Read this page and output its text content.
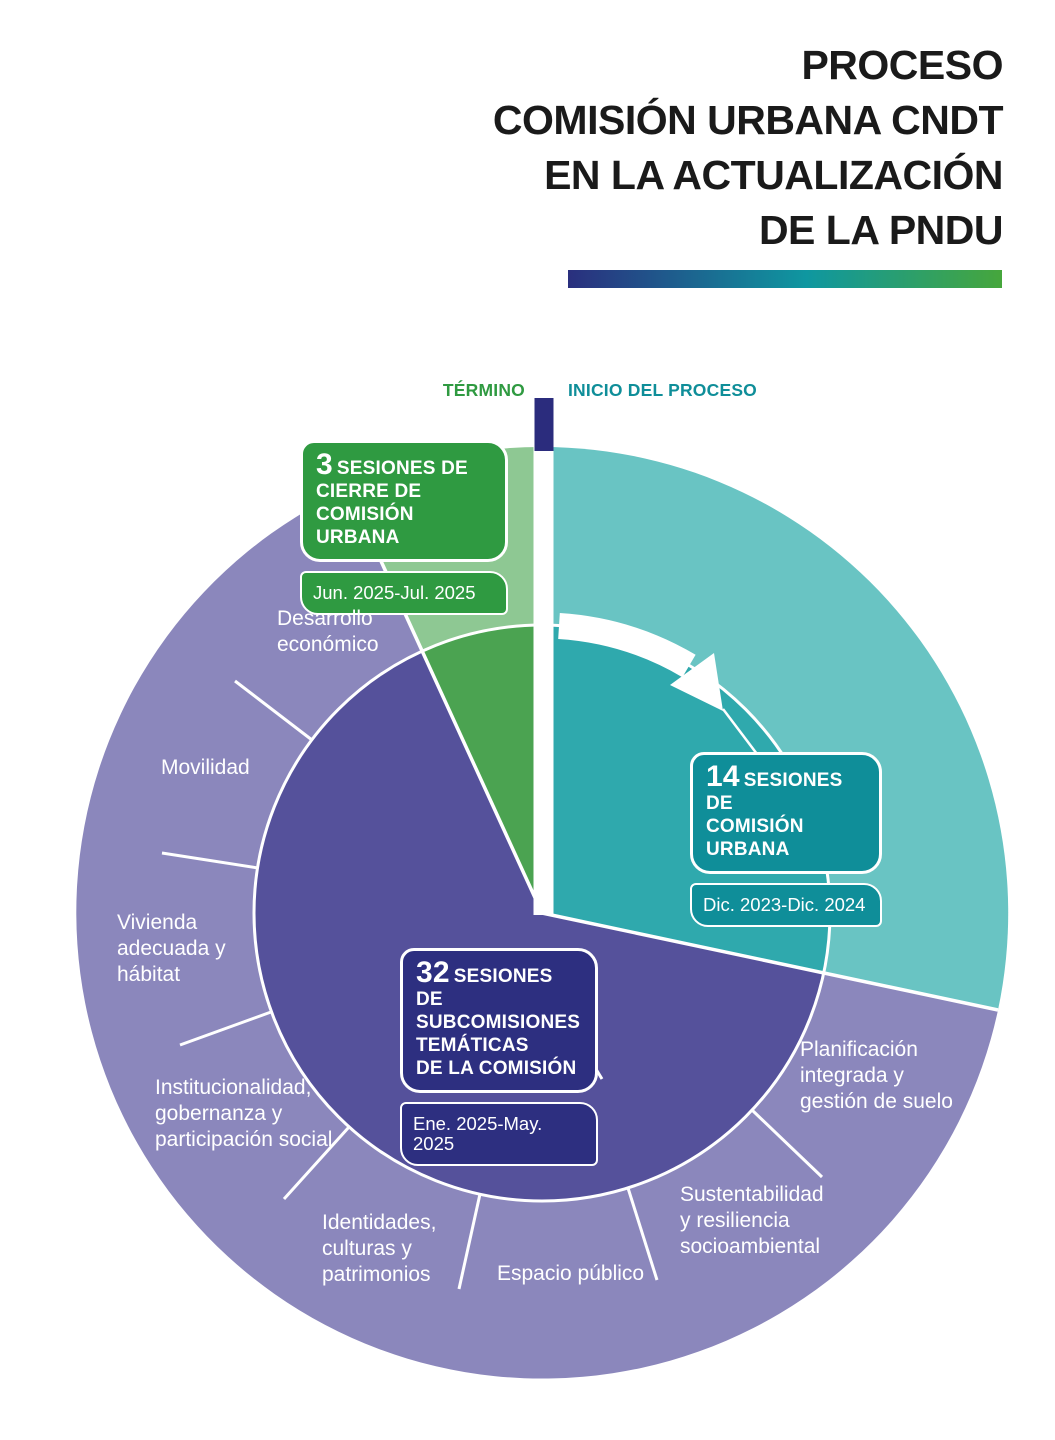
PROCESO
COMISIÓN URBANA CNDT
EN LA ACTUALIZACIÓN
DE LA PNDU
TÉRMINO INICIO DEL PROCESO
3 SESIONES DE
CIERRE DE
COMISIÓN URBANA
Jun. 2025-Jul. 2025
14 SESIONES DE
COMISIÓN
URBANA
Dic. 2023-Dic. 2024
32 SESIONES DE
SUBCOMISIONES
TEMÁTICAS
DE LA COMISIÓN
Ene. 2025-May. 2025
Planificación integrada y gestión de suelo
Sustentabilidad y resiliencia socioambiental
Espacio público
Identidades, culturas y patrimonios
Institucionalidad, gobernanza y participación social
Vivienda adecuada y hábitat
Movilidad
Desarrollo económico
